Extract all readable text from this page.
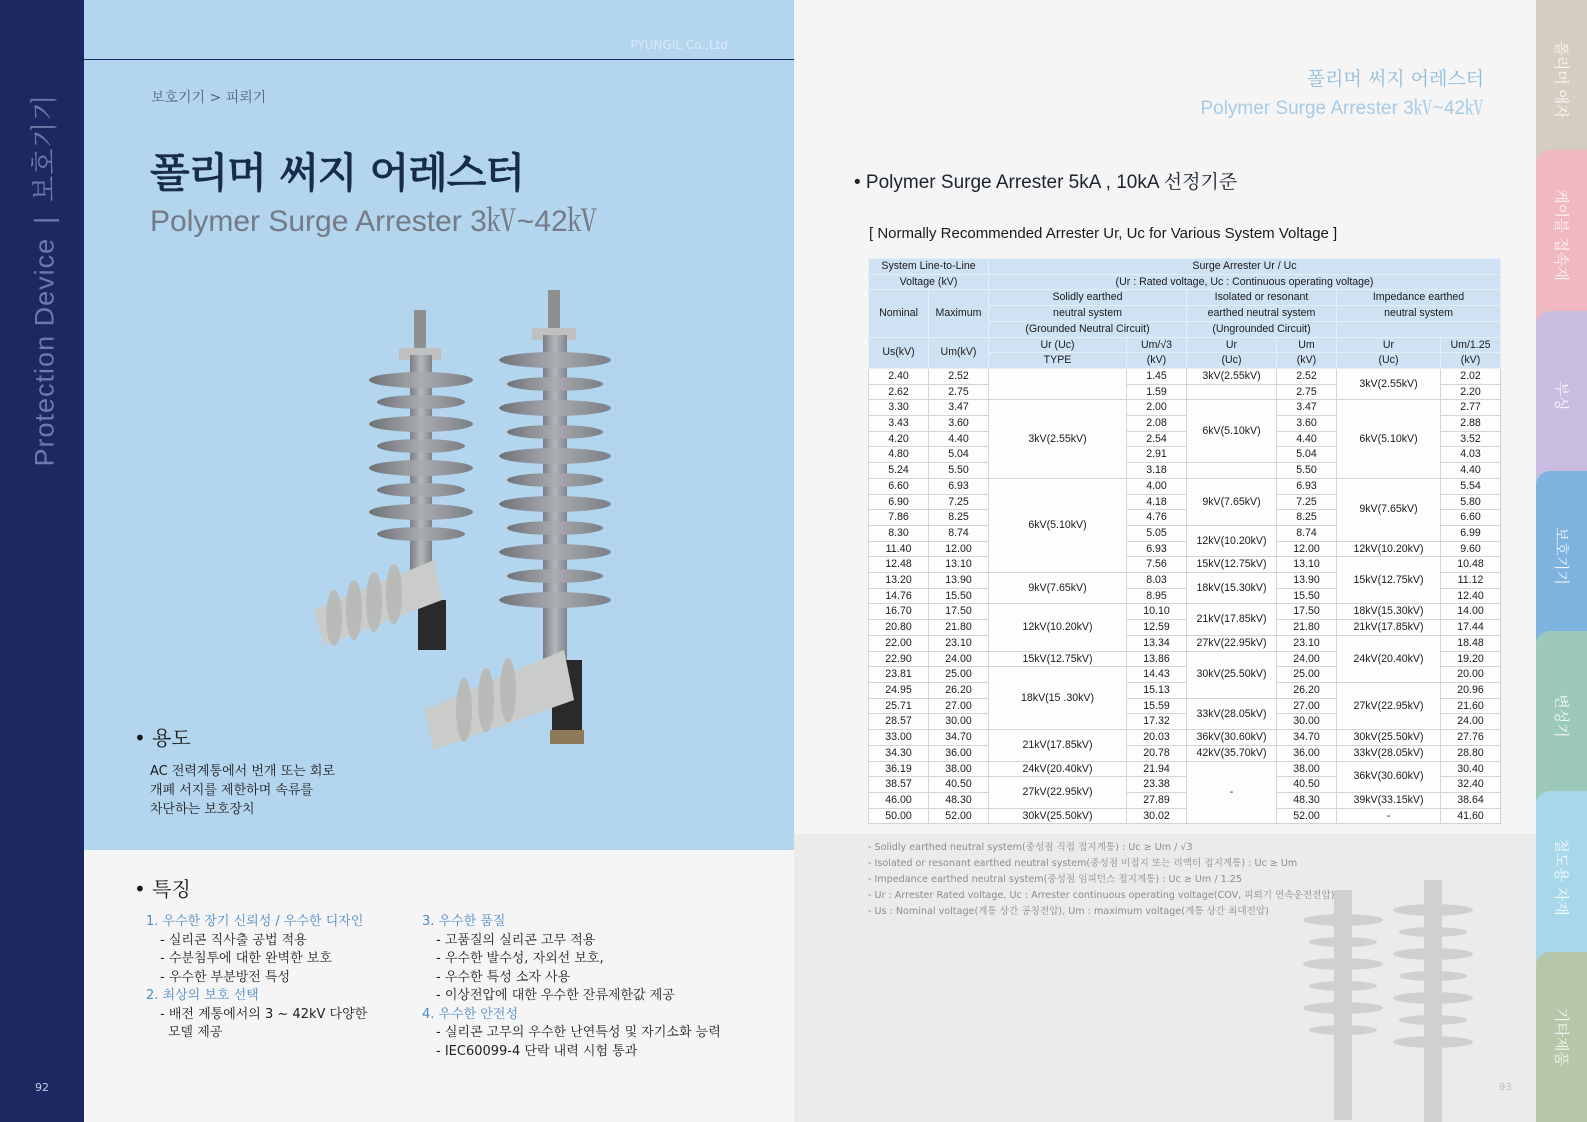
Protection Device|보호기기
92
PYUNGIL Co.,Ltd
보호기기 > 피뢰기
폴리머 써지 어레스터
Polymer Surge Arrester 3㎸~42㎸
• 용도
AC 전력계통에서 번개 또는 회로
개폐 서지를 제한하며 속류를
차단하는 보호장치
• 특징
1. 우수한 장기 신뢰성 / 우수한 디자인
- 실리콘 직사출 공법 적용
- 수분침투에 대한 완벽한 보호
- 우수한 부분방전 특성
2. 최상의 보호 선택
- 배전 계통에서의 3 ~ 42kV 다양한
모델 제공
3. 우수한 품질
- 고품질의 실리콘 고무 적용
- 우수한 발수성, 자외선 보호,
- 우수한 특성 소자 사용
- 이상전압에 대한 우수한 잔류제한값 제공
4. 우수한 안전성
- 실리콘 고무의 우수한 난연특성 및 자기소화 능력
- IEC60099-4 단락 내력 시험 통과
폴리머 써지 어레스터
Polymer Surge Arrester 3㎸~42㎸
• Polymer Surge Arrester 5kA , 10kA 선정기준
[ Normally Recommended Arrester Ur, Uc for Various System Voltage ]
System Line-to-Line		Surge Arrester Ur / Uc					
Voltage (kV)		(Ur : Rated voltage, Uc : Continuous operating voltage)					
Nominal	Maximum	Solidly earthed		Isolated or resonant		Impedance earthed	
		neutral system		earthed neutral system		neutral system	
		(Grounded Neutral Circuit)		(Ungrounded Circuit)			
Us(kV)	Um(kV)	Ur (Uc)	Um/√3	Ur	Um	Ur	Um/1.25
		TYPE	(kV)	(Uc)	(kV)	(Uc)	(kV)
2.40	2.52		1.45	3kV(2.55kV)	2.52	3kV(2.55kV)	2.02
2.62	2.75		1.59		2.75		2.20
3.30	3.47	3kV(2.55kV)	2.00	6kV(5.10kV)	3.47	6kV(5.10kV)	2.77
3.43	3.60		2.08		3.60		2.88
4.20	4.40		2.54		4.40		3.52
4.80	5.04		2.91		5.04		4.03
5.24	5.50		3.18		5.50		4.40
6.60	6.93	6kV(5.10kV)	4.00	9kV(7.65kV)	6.93	9kV(7.65kV)	5.54
6.90	7.25		4.18		7.25		5.80
7.86	8.25		4.76		8.25		6.60
8.30	8.74		5.05	12kV(10.20kV)	8.74		6.99
11.40	12.00		6.93		12.00	12kV(10.20kV)	9.60
12.48	13.10		7.56	15kV(12.75kV)	13.10	15kV(12.75kV)	10.48
13.20	13.90	9kV(7.65kV)	8.03	18kV(15.30kV)	13.90		11.12
14.76	15.50		8.95		15.50		12.40
16.70	17.50	12kV(10.20kV)	10.10	21kV(17.85kV)	17.50	18kV(15.30kV)	14.00
20.80	21.80		12.59		21.80	21kV(17.85kV)	17.44
22.00	23.10		13.34	27kV(22.95kV)	23.10	24kV(20.40kV)	18.48
22.90	24.00	15kV(12.75kV)	13.86	30kV(25.50kV)	24.00		19.20
23.81	25.00	18kV(15 .30kV)	14.43		25.00		20.00
24.95	26.20		15.13		26.20	27kV(22.95kV)	20.96
25.71	27.00		15.59	33kV(28.05kV)	27.00		21.60
28.57	30.00		17.32		30.00		24.00
33.00	34.70	21kV(17.85kV)	20.03	36kV(30.60kV)	34.70	30kV(25.50kV)	27.76
34.30	36.00		20.78	42kV(35.70kV)	36.00	33kV(28.05kV)	28.80
36.19	38.00	24kV(20.40kV)	21.94	-	38.00	36kV(30.60kV)	30.40
38.57	40.50	27kV(22.95kV)	23.38		40.50		32.40
46.00	48.30		27.89		48.30	39kV(33.15kV)	38.64
50.00	52.00	30kV(25.50kV)	30.02		52.00	-	41.60
- Solidly earthed neutral system(중성점 직접 접지계통) : Uc ≥ Um / √3
- Isolated or resonant earthed neutral system(중성점 비접지 또는 리액터 접지계통) : Uc ≥ Um
- Impedance earthed neutral system(중성점 임피던스 접지계통) : Uc ≥ Um / 1.25
- Ur : Arrester Rated voltage, Uc : Arrester continuous operating voltage(COV, 피뢰기 연속운전전압)
- Us : Nominal voltage(계통 상간 공칭전압), Um : maximum voltage(계통 상간 최대전압)
93
폴리머 애자
케이블 접속재
부싱
보호기기
변성기
철도용 자재
기타제품
